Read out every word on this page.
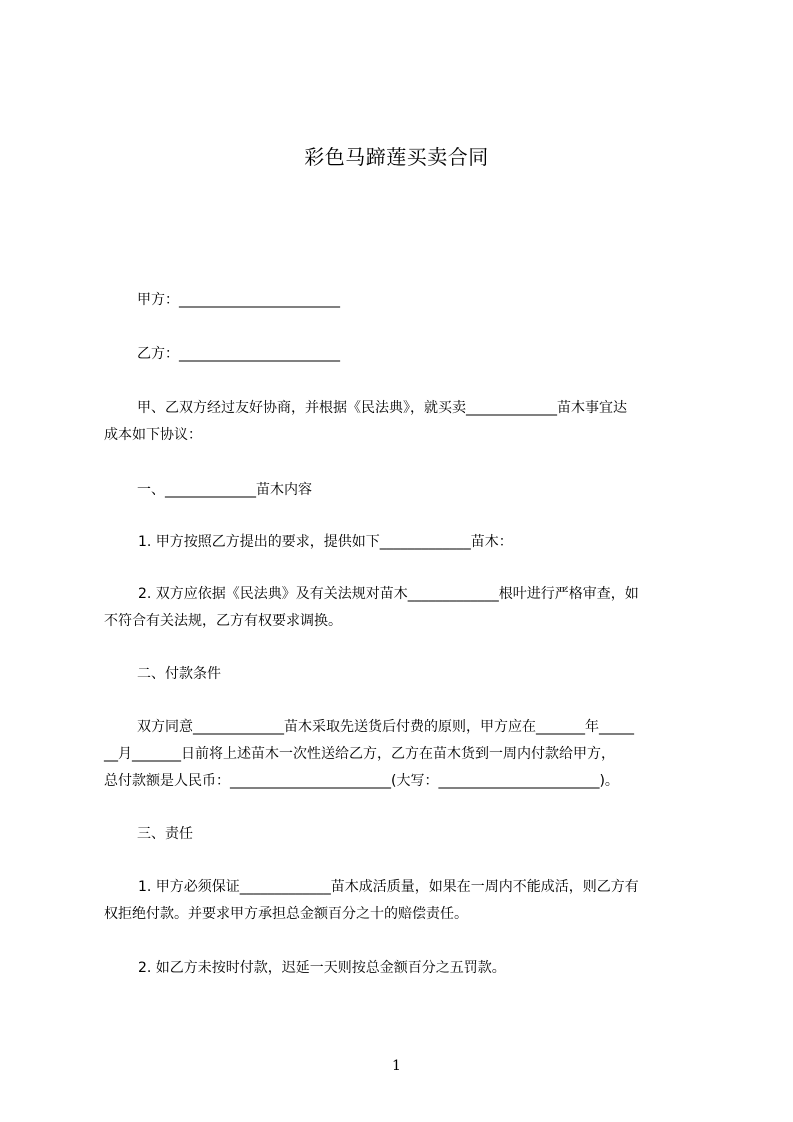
彩色马蹄莲买卖合同
甲方：_______________________
乙方：_______________________
甲、乙双方经过友好协商，并根据《民法典》，就买卖_____________苗木事宜达
成本如下协议：
一、_____________苗木内容
1. 甲方按照乙方提出的要求，提供如下_____________苗木：
2. 双方应依据《民法典》及有关法规对苗木_____________根叶进行严格审查，如
不符合有关法规，乙方有权要求调换。
二、付款条件
双方同意_____________苗木采取先送货后付费的原则，甲方应在_______年_____
__月_______日前将上述苗木一次性送给乙方，乙方在苗木货到一周内付款给甲方，
总付款额是人民币：_______________________(大写：_______________________)。
三、责任
1. 甲方必须保证_____________苗木成活质量，如果在一周内不能成活，则乙方有
权拒绝付款。并要求甲方承担总金额百分之十的赔偿责任。
2. 如乙方未按时付款，迟延一天则按总金额百分之五罚款。
1
